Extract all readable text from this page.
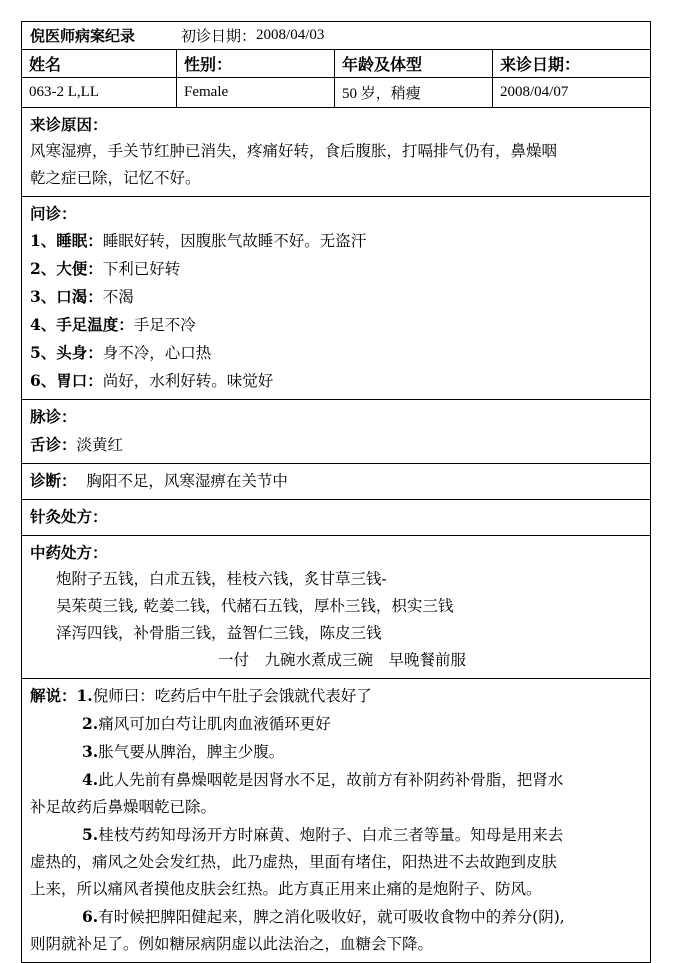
倪医师病案纪录	初诊日期： 2008/04/03
姓名	性别：	年龄及体型	来诊日期：
063-2 L,LL	Female	50 岁，稍瘦	2008/04/07
来诊原因：
风寒湿痹，手关节红肿已消失，疼痛好转，食后腹胀，打嗝排气仍有，鼻燥咽
乾之症已除，记忆不好。
问诊：
1、睡眠：睡眠好转，因腹胀气故睡不好。无盗汗
2、大便：下利已好转
3、口渴：不渴
4、手足温度：手足不冷
5、头身：身不冷，心口热
6、胃口：尚好，水利好转。味觉好
脉诊：
舌诊：淡黄红
诊断： 胸阳不足，风寒湿痹在关节中
针灸处方：
中药处方：
炮附子五钱，白朮五钱，桂枝六钱，炙甘草三钱-
吴茱萸三钱, 乾姜二钱，代赭石五钱，厚朴三钱，枳实三钱
泽泻四钱，补骨脂三钱，益智仁三钱，陈皮三钱
一付　九碗水煮成三碗　早晚餐前服
解说：1.倪师曰：吃药后中午肚子会饿就代表好了
2.痛风可加白芍让肌肉血液循环更好
3.胀气要从脾治，脾主少腹。
4.此人先前有鼻燥咽乾是因肾水不足，故前方有补阴药补骨脂，把肾水
补足故药后鼻燥咽乾已除。
5.桂枝芍药知母汤开方时麻黄、炮附子、白朮三者等量。知母是用来去
虚热的，痛风之处会发红热，此乃虚热，里面有堵住，阳热进不去故跑到皮肤
上来，所以痛风者摸他皮肤会红热。此方真正用来止痛的是炮附子、防风。
6.有时候把脾阳健起来，脾之消化吸收好，就可吸收食物中的养分(阴),
则阴就补足了。例如糖尿病阴虚以此法治之，血糖会下降。
